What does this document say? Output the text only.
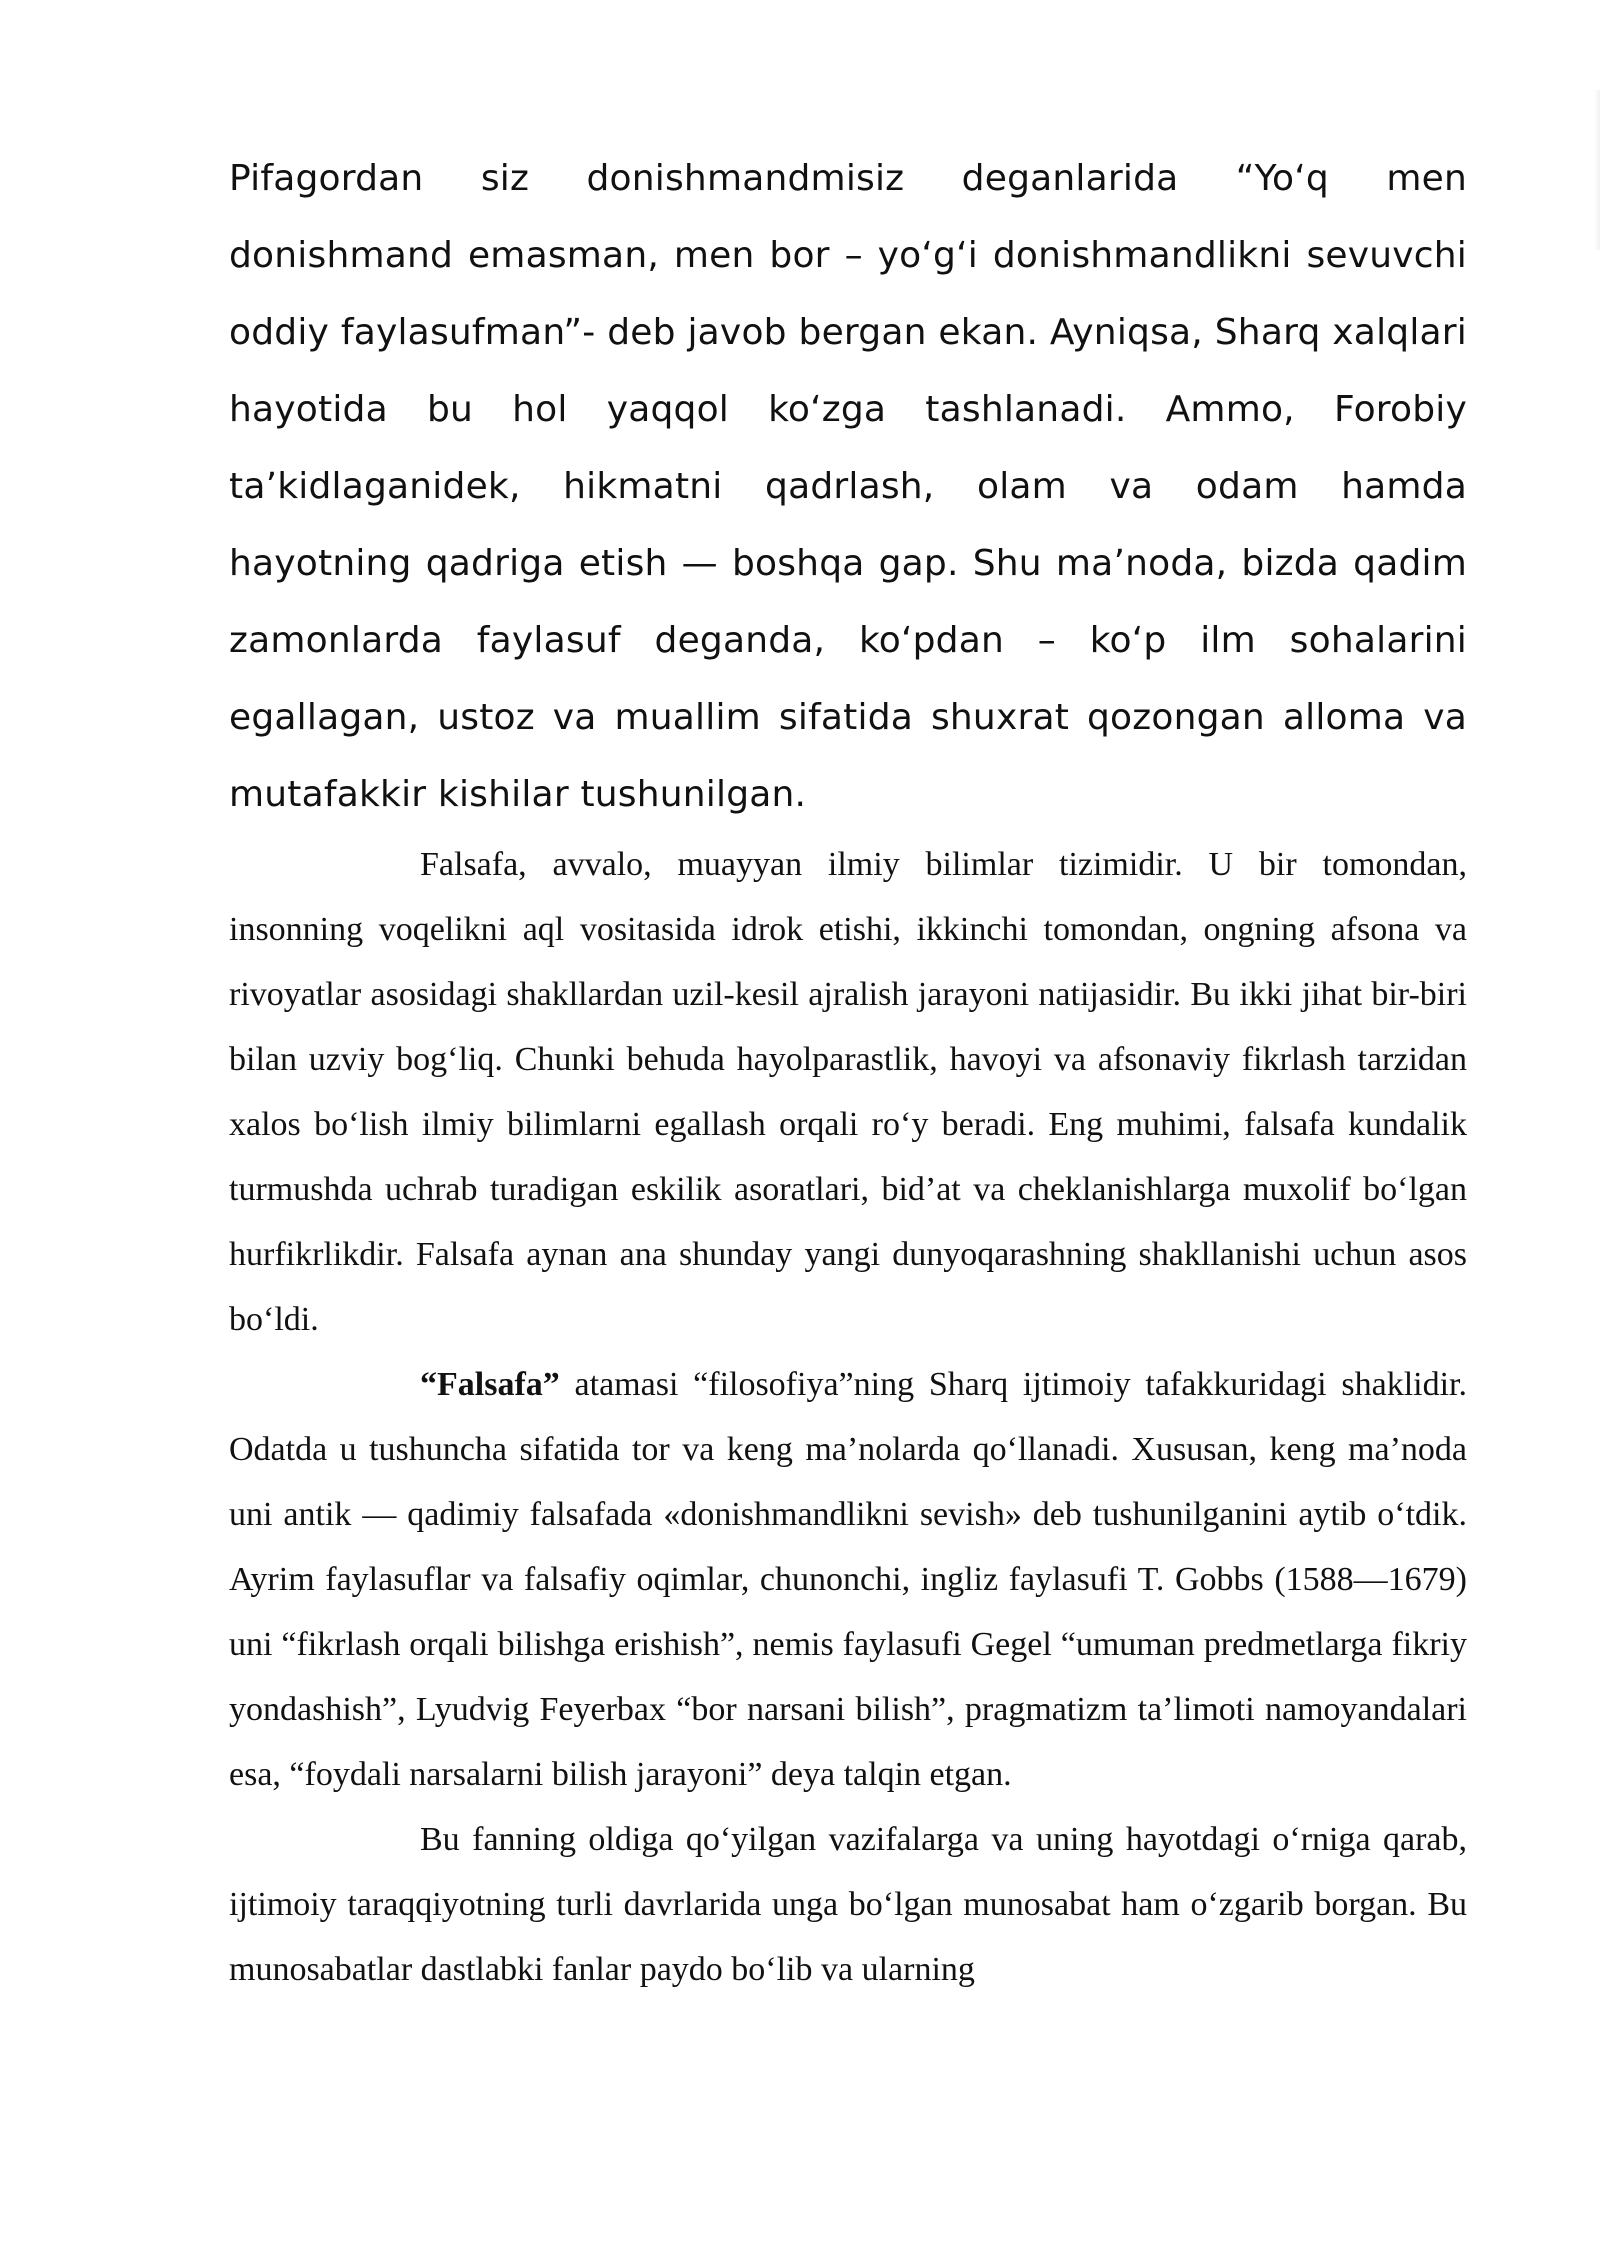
Pifagordan siz donishmandmisiz deganlarida “Yo‘q men donishmand emasman, men bor – yo‘g‘i donishmandlikni sevuvchi oddiy faylasufman”- deb javob bergan ekan. Ayniqsa, Sharq xalqlari hayotida bu hol yaqqol ko‘zga tashlanadi. Ammo, Forobiy ta’kidlaganidek, hikmatni qadrlash, olam va odam hamda hayotning qadriga etish — boshqa gap. Shu ma’noda, bizda qadim zamonlarda faylasuf deganda, ko‘pdan – ko‘p ilm sohalarini egallagan, ustoz va muallim sifatida shuxrat qozongan alloma va mutafakkir kishilar tushunilgan.

Falsafa, avvalo, muayyan ilmiy bilimlar tizimidir. U bir tomondan, insonning voqelikni aql vositasida idrok etishi, ikkinchi tomondan, ongning afsona va rivoyatlar asosidagi shakllardan uzil-kesil ajralish jarayoni natijasidir. Bu ikki jihat bir-biri bilan uzviy bog‘liq. Chunki behuda hayolparastlik, havoyi va afsonaviy fikrlash tarzidan xalos bo‘lish ilmiy bilimlarni egallash orqali ro‘y beradi. Eng muhimi, falsafa kundalik turmushda uchrab turadigan eskilik asoratlari, bid’at va cheklanishlarga muxolif bo‘lgan hurfikrlikdir. Falsafa aynan ana shunday yangi dunyoqarashning shakllanishi uchun asos bo‘ldi.

“Falsafa” atamasi “filosofiya”ning Sharq ijtimoiy tafakkuridagi shaklidir. Odatda u tushuncha sifatida tor va keng ma’nolarda qo‘llanadi. Xususan, keng ma’noda uni antik — qadimiy falsafada «donishmandlikni sevish» deb tushunilganini aytib o‘tdik. Ayrim faylasuflar va falsafiy oqimlar, chunonchi, ingliz faylasufi T. Gobbs (1588—1679) uni “fikrlash orqali bilishga erishish”, nemis faylasufi Gegel “umuman predmetlarga fikriy yondashish”, Lyudvig Feyerbax “bor narsani bilish”, pragmatizm ta’limoti namoyandalari esa, “foydali narsalarni bilish jarayoni” deya talqin etgan.

Bu fanning oldiga qo‘yilgan vazifalarga va uning hayotdagi o‘rniga qarab, ijtimoiy taraqqiyotning turli davrlarida unga bo‘lgan munosabat ham o‘zgarib borgan. Bu munosabatlar dastlabki fanlar paydo bo‘lib va ularning
